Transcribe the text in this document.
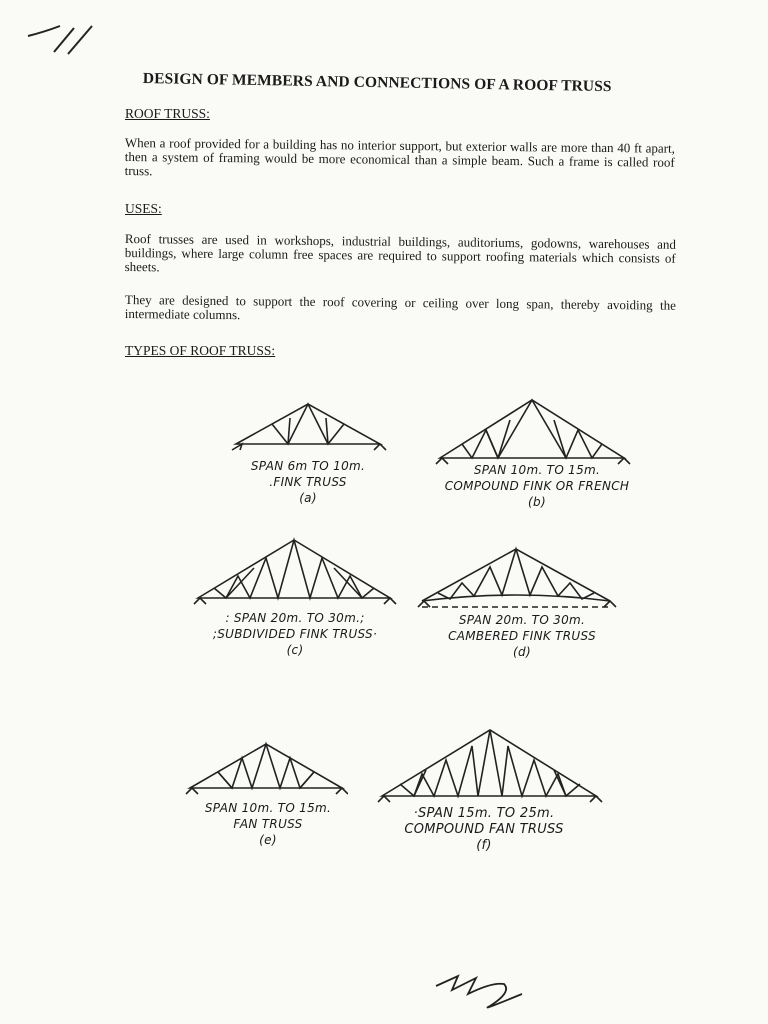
DESIGN OF MEMBERS AND CONNECTIONS OF A ROOF TRUSS
ROOF TRUSS:
When a roof provided for a building has no interior support, but exterior walls are more than 40 ft apart, then a system of framing would be more economical than a simple beam. Such a frame is called roof truss.
USES:
Roof trusses are used in workshops, industrial buildings, auditoriums, godowns, warehouses and buildings, where large column free spaces are required to support roofing materials which consists of sheets.
They are designed to support the roof covering or ceiling over long span, thereby avoiding the intermediate columns.
TYPES OF ROOF TRUSS:
SPAN 6m TO 10m.
.FINK TRUSS
(a)
SPAN 10m. TO 15m.
COMPOUND FINK OR FRENCH
(b)
: SPAN 20m. TO 30m.;
;SUBDIVIDED FINK TRUSS·
(c)
SPAN 20m. TO 30m.
CAMBERED FINK TRUSS
(d)
SPAN 10m. TO 15m.
FAN TRUSS
(e)
·SPAN 15m. TO 25m.
COMPOUND FAN TRUSS
(f)
